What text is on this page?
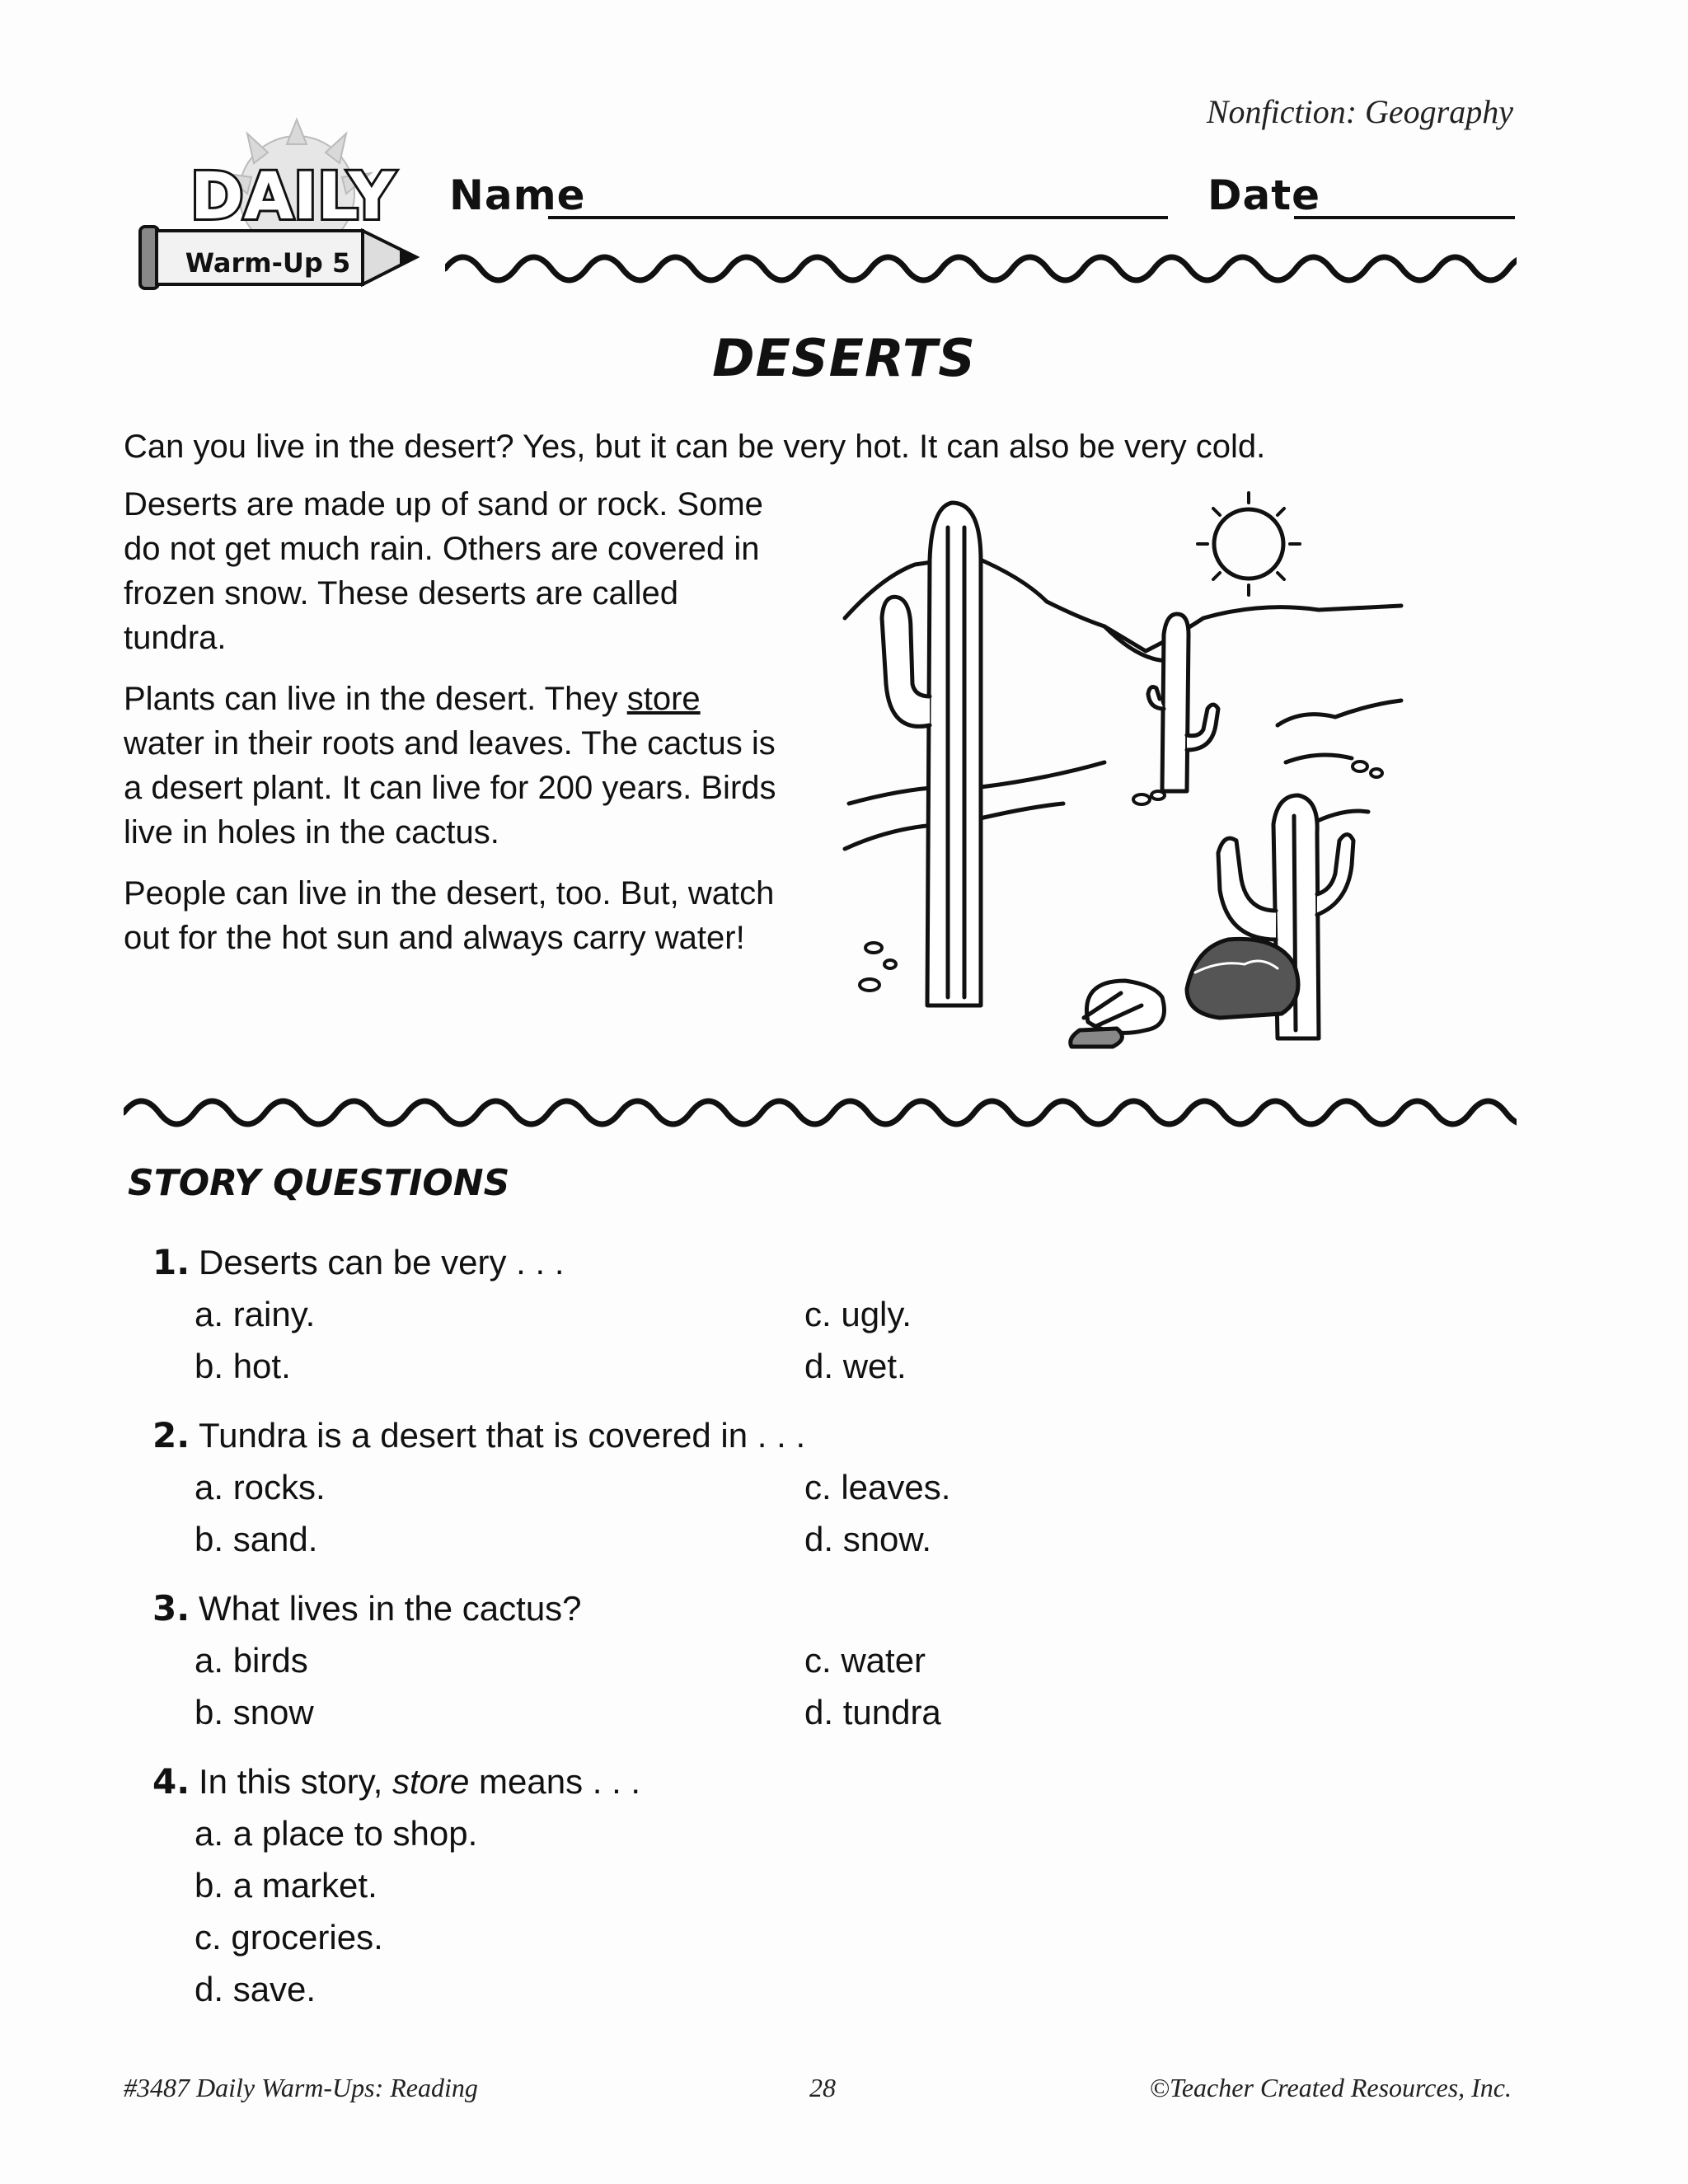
Nonfiction: Geography
DAILY
Warm-Up 5
Name	Date
DESERTS
Can you live in the desert? Yes, but it can be very hot. It can also be very cold.

Deserts are made up of sand or rock. Some do not get much rain. Others are covered in frozen snow. These deserts are called tundra.

Plants can live in the desert. They store water in their roots and leaves. The cactus is a desert plant. It can live for 200 years. Birds live in holes in the cactus.

People can live in the desert, too. But, watch out for the hot sun and always carry water!

STORY QUESTIONS
1. Deserts can be very . . .
a. rainy.	c. ugly.
b. hot.	d. wet.
2. Tundra is a desert that is covered in . . .
a. rocks.	c. leaves.
b. sand.	d. snow.
3. What lives in the cactus?
a. birds	c. water
b. snow	d. tundra
4. In this story, store means . . .
a. a place to shop.
b. a market.
c. groceries.
d. save.
#3487 Daily Warm-Ups: Reading	28	©Teacher Created Resources, Inc.
